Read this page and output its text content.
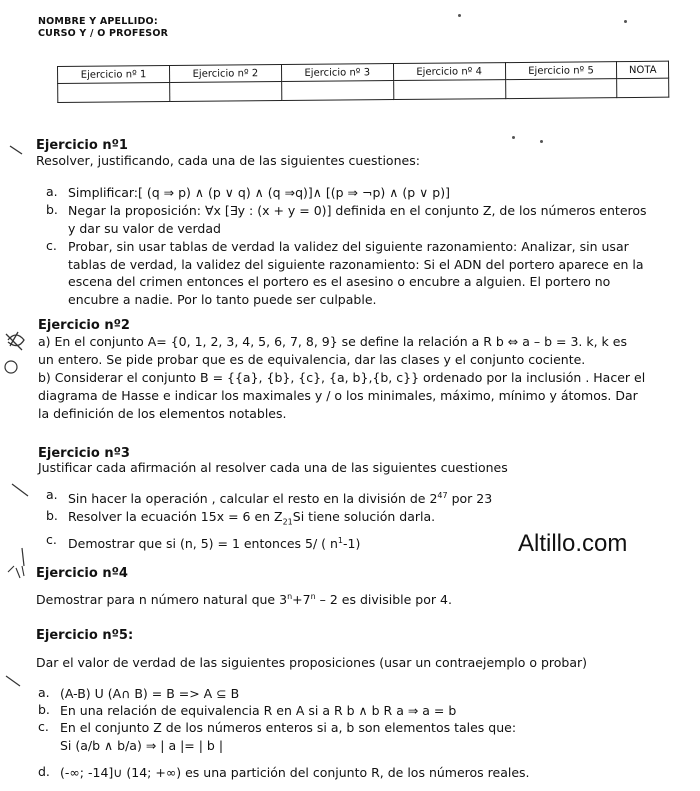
NOMBRE Y APELLIDO:
CURSO Y / O PROFESOR
Ejercicio nº 1	Ejercicio nº 2	Ejercicio nº 3	Ejercicio nº 4	Ejercicio nº 5	NOTA

Ejercicio nº1
Resolver, justificando, cada una de las siguientes cuestiones:
a. Simplificar:[ (q ⇒ p) ∧ (p ∨ q) ∧ (q ⇒q)]∧ [(p ⇒ ¬p) ∧ (p ∨ p)]
b. Negar la proposición: ∀x [∃y : (x + y = 0)] definida en el conjunto Z, de los números enteros
y dar su valor de verdad
c. Probar, sin usar tablas de verdad la validez del siguiente razonamiento: Analizar, sin usar
tablas de verdad, la validez del siguiente razonamiento: Si el ADN del portero aparece en la
escena del crimen entonces el portero es el asesino o encubre a alguien. El portero no
encubre a nadie. Por lo tanto puede ser culpable.
Ejercicio nº2
a) En el conjunto A= {0, 1, 2, 3, 4, 5, 6, 7, 8, 9} se define la relación a R b ⇔ a – b = 3. k, k es
un entero. Se pide probar que es de equivalencia, dar las clases y el conjunto cociente.
b) Considerar el conjunto B = {{a}, {b}, {c}, {a, b},{b, c}} ordenado por la inclusión . Hacer el
diagrama de Hasse e indicar los maximales y / o los minimales, máximo, mínimo y átomos. Dar
la definición de los elementos notables.
Ejercicio nº3
Justificar cada afirmación al resolver cada una de las siguientes cuestiones
a. Sin hacer la operación , calcular el resto en la división de $2^{47}$ por 23
b. Resolver la ecuación 15x = 6 en $Z_{21}Si$ tiene solución darla.
c. Demostrar que si (n, 5) = 1 entonces 5/ ( $n^1-1$)	Altillo.com
Ejercicio nº4
Demostrar para n número natural que $3^n+7^n - 2$ es divisible por 4.
Ejercicio nº5:
Dar el valor de verdad de las siguientes proposiciones (usar un contraejemplo o probar)
a. (A-B) U (A∩ B) = B => A ⊆ B
b. En una relación de equivalencia R en A si a R b ∧ b R a ⇒ a = b
c. En el conjunto Z de los números enteros si a, b son elementos tales que:
Si (a/b ∧ b/a) ⇒ | a |= | b |
d. (-∞; -14]∪ (14; +∞) es una partición del conjunto R, de los números reales.
